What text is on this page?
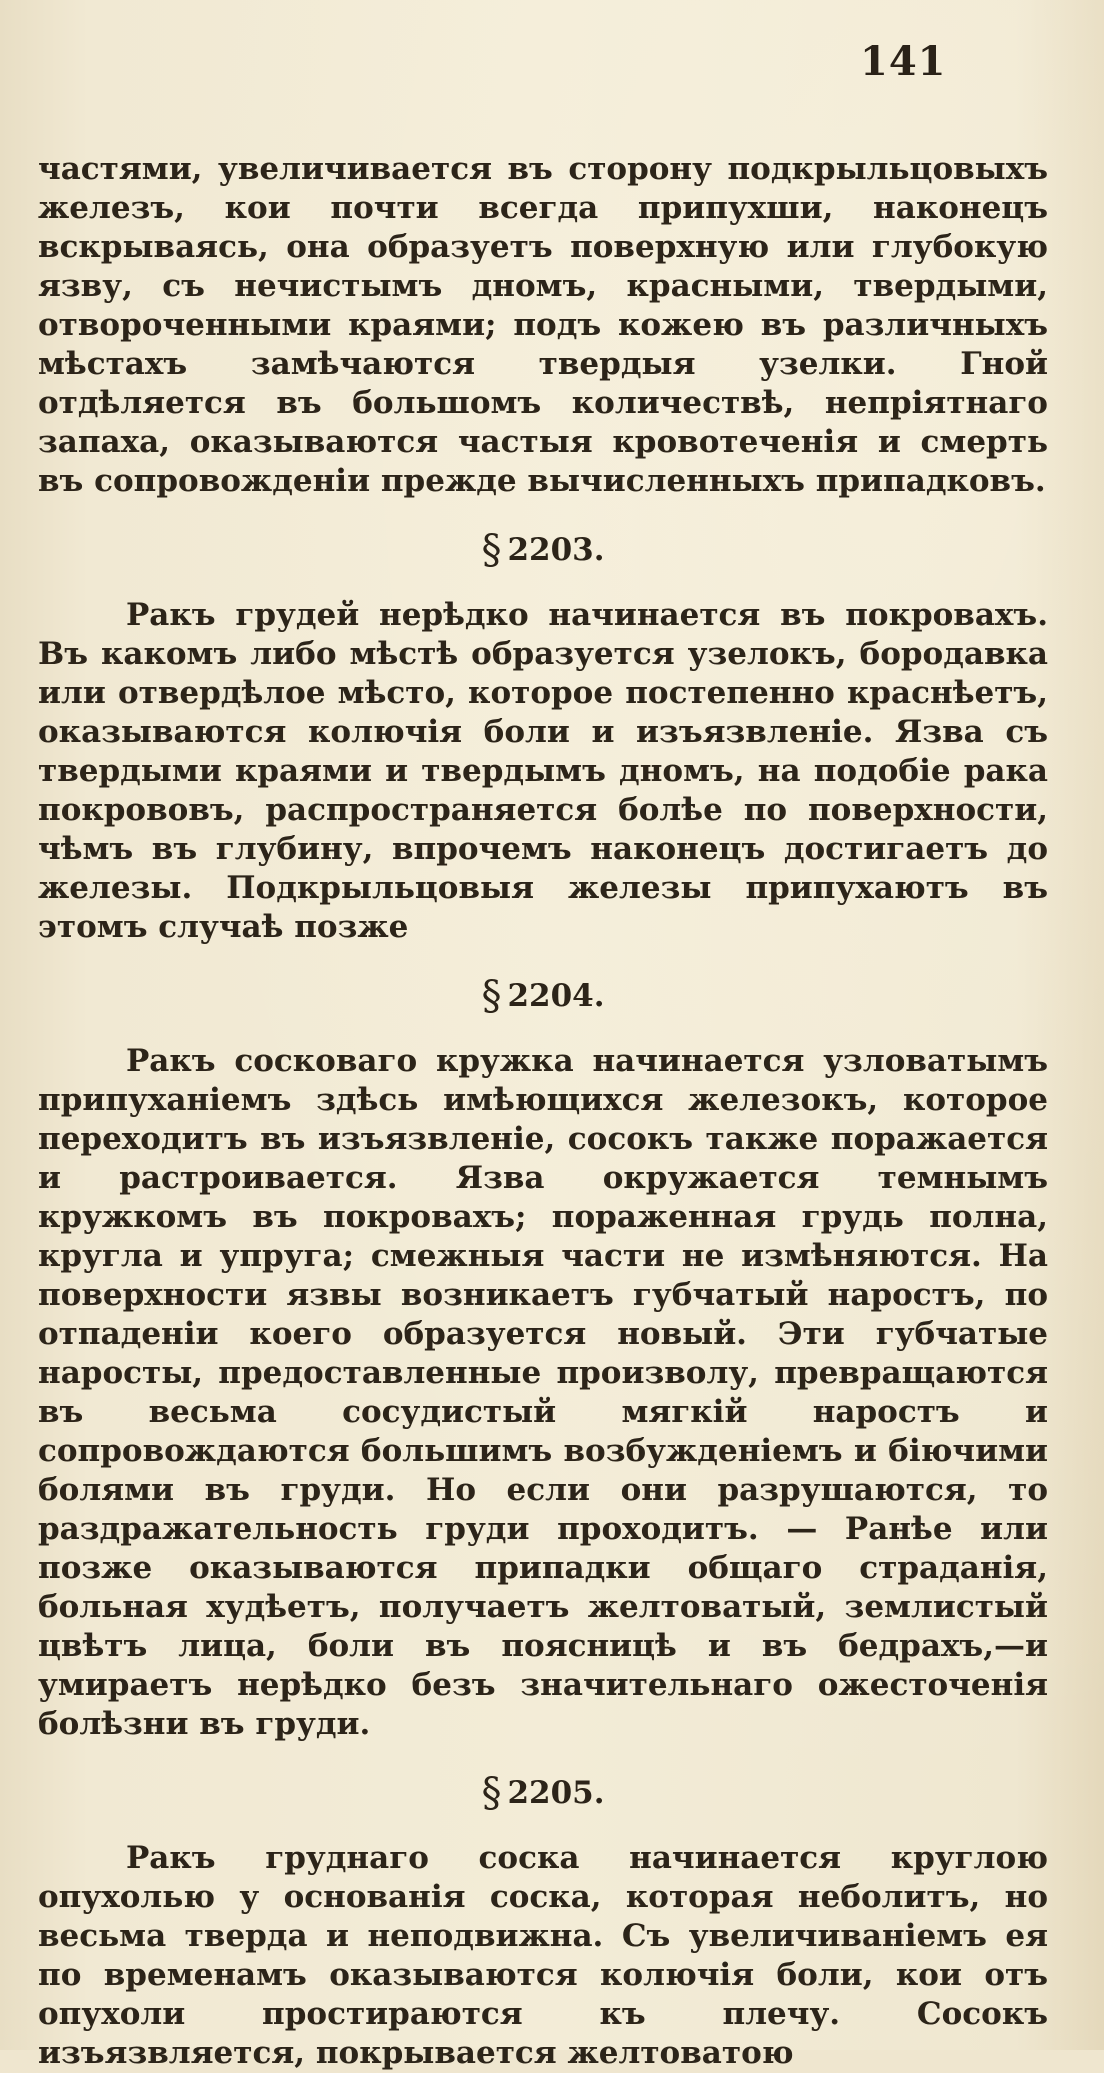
141

частями, увеличивается въ сторону подкрыльцовыхъ железъ, кои почти всегда припухши, наконецъ вскрываясь, она образуетъ поверхную или глубокую язву, съ нечистымъ дномъ, красными, твердыми, отвороченными краями; подъ кожею въ различныхъ мѣстахъ замѣчаются твердыя узелки. Гной отдѣляется въ большомъ количествѣ, непріятнаго запаха, оказываются частыя кровотеченія и смерть въ сопровожденіи прежде вычисленныхъ припадковъ.

§ 2203.

Ракъ грудей нерѣдко начинается въ покровахъ. Въ какомъ либо мѣстѣ образуется узелокъ, бородавка или отвердѣлое мѣсто, которое постепенно краснѣетъ, оказываются колючія боли и изъязвленіе. Язва съ твердыми краями и твердымъ дномъ, на подобіе рака покрововъ, распространяется болѣе по поверхности, чѣмъ въ глубину, впрочемъ наконецъ достигаетъ до железы. Подкрыльцовыя железы припухаютъ въ этомъ случаѣ позже

§ 2204.

Ракъ сосковаго кружка начинается узловатымъ припуханіемъ здѣсь имѣющихся железокъ, которое переходитъ въ изъязвленіе, сосокъ также поражается и растроивается. Язва окружается темнымъ кружкомъ въ покровахъ; пораженная грудь полна, кругла и упруга; смежныя части не измѣняются. На поверхности язвы возникаетъ губчатый наростъ, по отпаденіи коего образуется новый. Эти губчатые наросты, предоставленные произволу, превращаются въ весьма сосудистый мягкій наростъ и сопровождаются большимъ возбужденіемъ и біючими болями въ груди. Но если они разрушаются, то раздражательность груди проходитъ. — Ранѣе или позже оказываются припадки общаго страданія, больная худѣетъ, получаетъ желтоватый, землистый цвѣтъ лица, боли въ поясницѣ и въ бедрахъ,—и умираетъ нерѣдко безъ значительнаго ожесточенія болѣзни въ груди.

§ 2205.

Ракъ груднаго соска начинается круглою опухолью у основанія соска, которая неболитъ, но весьма тверда и неподвижна. Съ увеличиваніемъ ея по временамъ оказываются колючія боли, кои отъ опухоли простираются къ плечу. Сосокъ изъязвляется, покрывается желтоватою
